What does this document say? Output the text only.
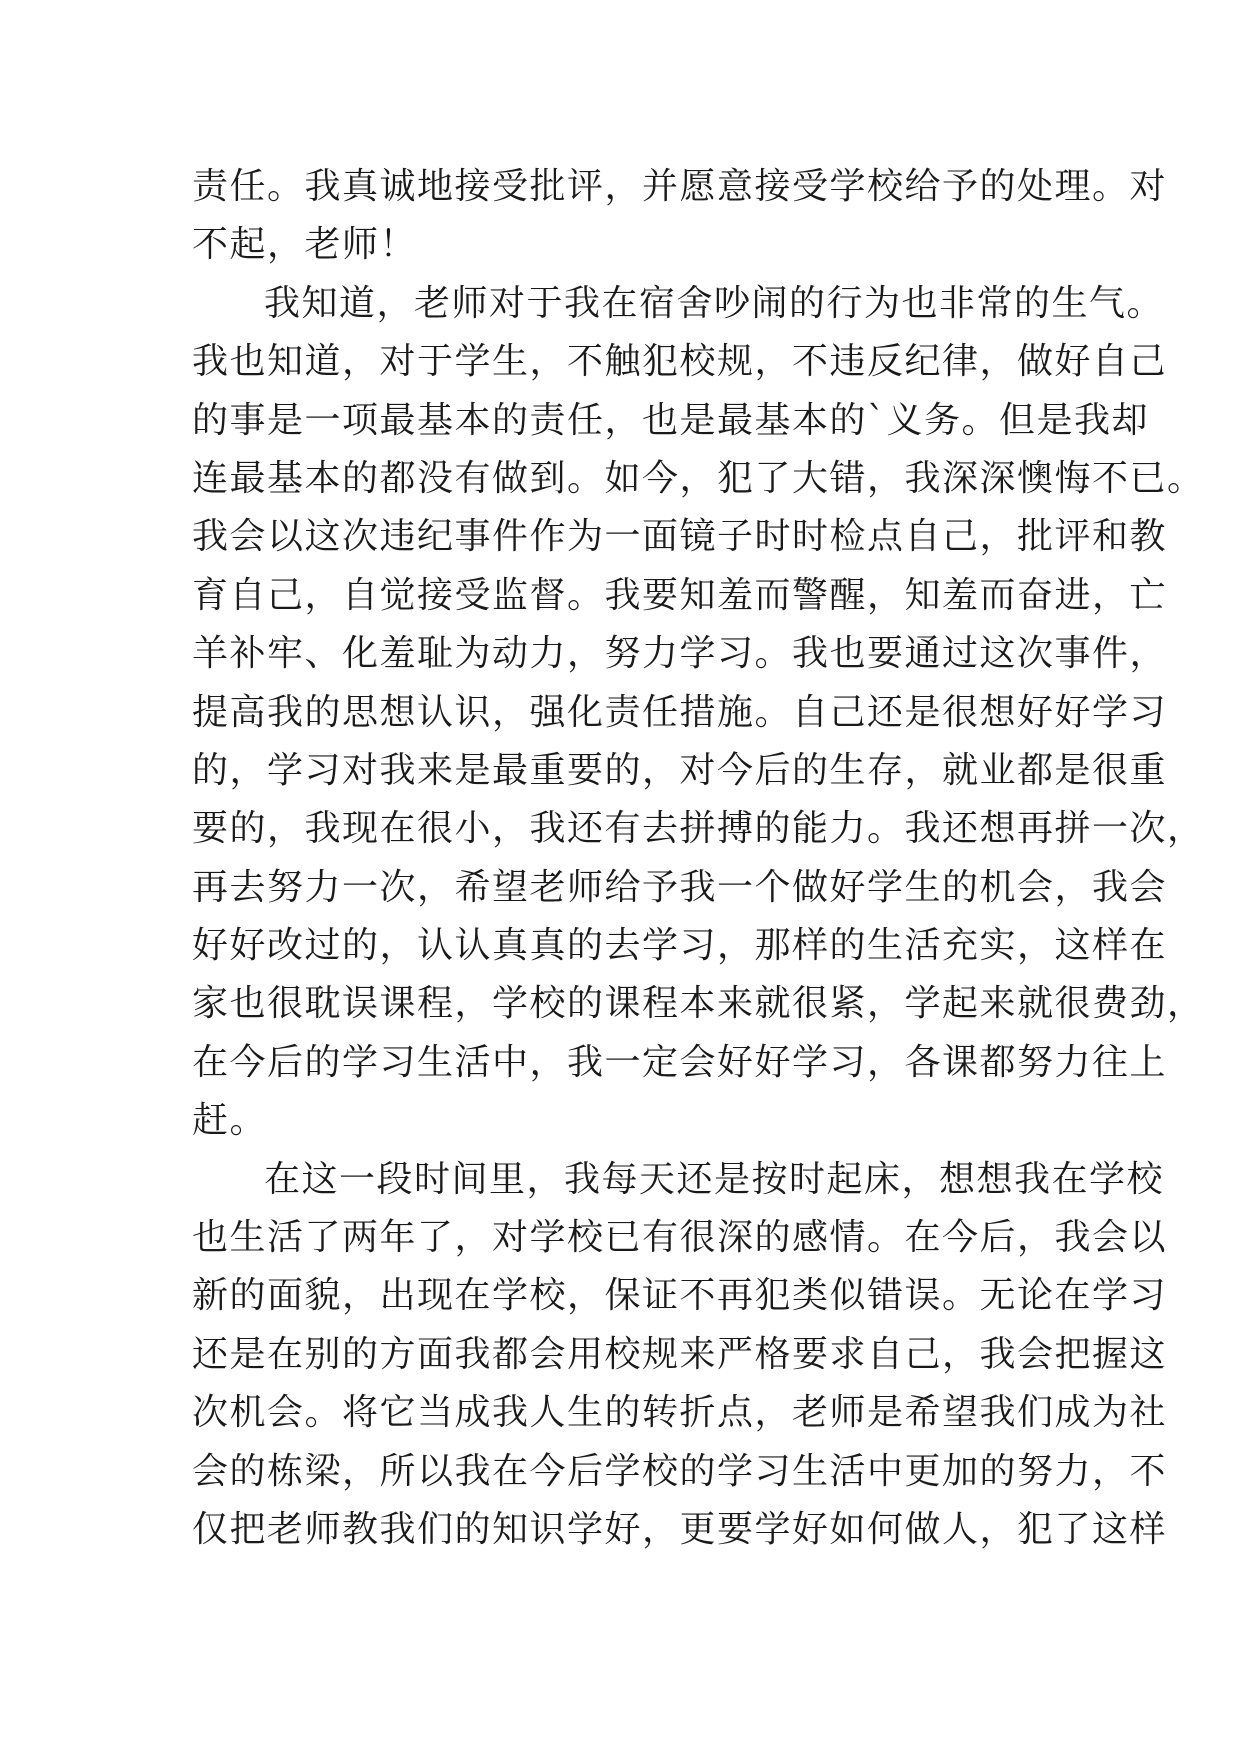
责任。我真诚地接受批评，并愿意接受学校给予的处理。对
不起，老师！
我知道，老师对于我在宿舍吵闹的行为也非常的生气。
我也知道，对于学生，不触犯校规，不违反纪律，做好自己
的事是一项最基本的责任，也是最基本的`义务。但是我却
连最基本的都没有做到。如今，犯了大错，我深深懊悔不已。
我会以这次违纪事件作为一面镜子时时检点自己，批评和教
育自己，自觉接受监督。我要知羞而警醒，知羞而奋进，亡
羊补牢、化羞耻为动力，努力学习。我也要通过这次事件，
提高我的思想认识，强化责任措施。自己还是很想好好学习
的，学习对我来是最重要的，对今后的生存，就业都是很重
要的，我现在很小，我还有去拼搏的能力。我还想再拼一次，
再去努力一次，希望老师给予我一个做好学生的机会，我会
好好改过的，认认真真的去学习，那样的生活充实，这样在
家也很耽误课程，学校的课程本来就很紧，学起来就很费劲，
在今后的学习生活中，我一定会好好学习，各课都努力往上
赶。
在这一段时间里，我每天还是按时起床，想想我在学校
也生活了两年了，对学校已有很深的感情。在今后，我会以
新的面貌，出现在学校，保证不再犯类似错误。无论在学习
还是在别的方面我都会用校规来严格要求自己，我会把握这
次机会。将它当成我人生的转折点，老师是希望我们成为社
会的栋梁，所以我在今后学校的学习生活中更加的努力，不
仅把老师教我们的知识学好，更要学好如何做人，犯了这样
